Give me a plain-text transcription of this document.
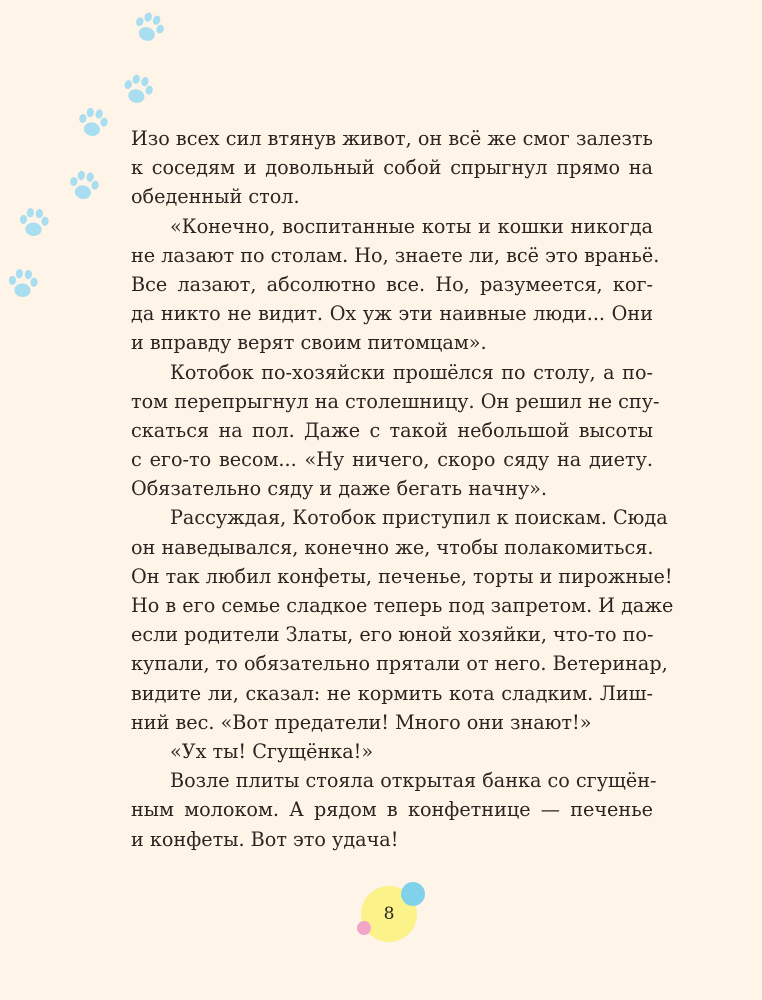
Изо всех сил втянув живот, он всё же смог залезть
к соседям и довольный собой спрыгнул прямо на
обеденный стол.
«Конечно, воспитанные коты и кошки никогда
не лазают по столам. Но, знаете ли, всё это враньё.
Все лазают, абсолютно все. Но, разумеется, ког-
да никто не видит. Ох уж эти наивные люди... Они
и вправду верят своим питомцам».
Котобок по-хозяйски прошёлся по столу, а по-
том перепрыгнул на столешницу. Он решил не спу-
скаться на пол. Даже с такой небольшой высоты
с его-то весом... «Ну ничего, скоро сяду на диету.
Обязательно сяду и даже бегать начну».
Рассуждая, Котобок приступил к поискам. Сюда
он наведывался, конечно же, чтобы полакомиться.
Он так любил конфеты, печенье, торты и пирожные!
Но в его семье сладкое теперь под запретом. И даже
если родители Златы, его юной хозяйки, что-то по-
купали, то обязательно прятали от него. Ветеринар,
видите ли, сказал: не кормить кота сладким. Лиш-
ний вес. «Вот предатели! Много они знают!»
«Ух ты! Сгущёнка!»
Возле плиты стояла открытая банка со сгущён-
ным молоком. А рядом в конфетнице — печенье
и конфеты. Вот это удача!
8
